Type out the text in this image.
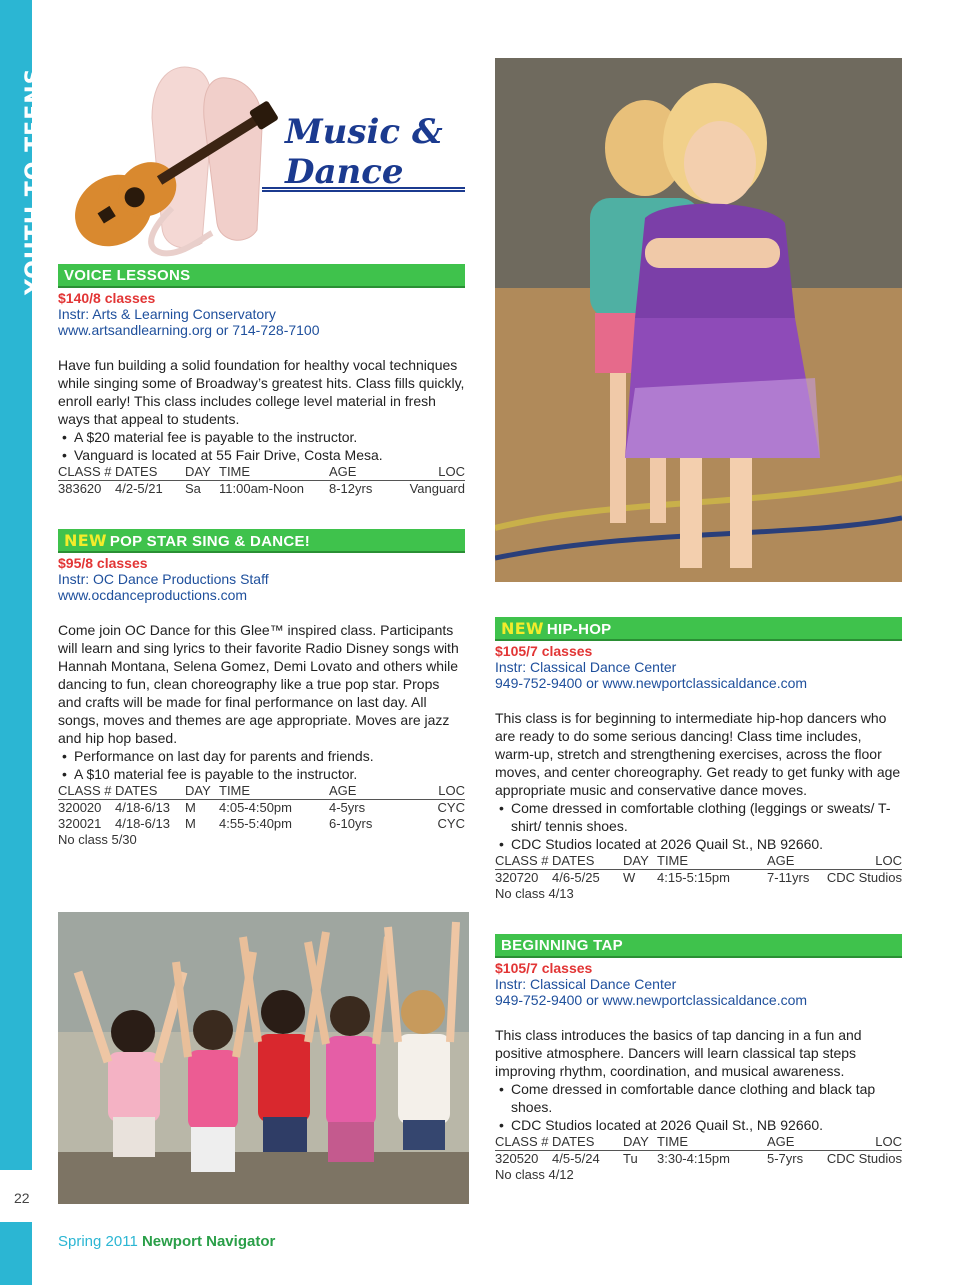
YOUTH TO TEENS
22
Music &
Dance
VOICE LESSONS
$140/8 classes
Instr: Arts & Learning Conservatory
www.artsandlearning.org or 714-728-7100
Have fun building a solid foundation for healthy vocal techniques while singing some of Broadway’s greatest hits. Class fills quickly, enroll early! This class includes college level material in fresh ways that appeal to students.
• A $20 material fee is payable to the instructor.
• Vanguard is located at 55 Fair Drive, Costa Mesa.
CLASS #	DATES	DAY	TIME	AGE	LOC
383620	4/2-5/21	Sa	11:00am-Noon	8-12yrs	Vanguard
NEW POP STAR SING & DANCE!
$95/8 classes
Instr: OC Dance Productions Staff
www.ocdanceproductions.com
Come join OC Dance for this Glee™ inspired class. Participants will learn and sing lyrics to their favorite Radio Disney songs with Hannah Montana, Selena Gomez, Demi Lovato and others while dancing to fun, clean choreography like a true pop star. Props and crafts will be made for final performance on last day. All songs, moves and themes are age appropriate. Moves are jazz and hip hop based.
• Performance on last day for parents and friends.
• A $10 material fee is payable to the instructor.
CLASS #	DATES	DAY	TIME	AGE	LOC
320020	4/18-6/13	M	4:05-4:50pm	4-5yrs	CYC
320021	4/18-6/13	M	4:55-5:40pm	6-10yrs	CYC
No class 5/30
NEW HIP-HOP
$105/7 classes
Instr: Classical Dance Center
949-752-9400 or www.newportclassicaldance.com
This class is for beginning to intermediate hip-hop dancers who are ready to do some serious dancing! Class time includes, warm-up, stretch and strengthening exercises, across the floor moves, and center choreography. Get ready to get funky with age appropriate music and conservative dance moves.
• Come dressed in comfortable clothing (leggings or sweats/ T-shirt/ tennis shoes.
• CDC Studios located at 2026 Quail St., NB 92660.
CLASS #	DATES	DAY	TIME	AGE	LOC
320720	4/6-5/25	W	4:15-5:15pm	7-11yrs	CDC Studios
No class 4/13
BEGINNING TAP
$105/7 classes
Instr: Classical Dance Center
949-752-9400 or www.newportclassicaldance.com
This class introduces the basics of tap dancing in a fun and positive atmosphere. Dancers will learn classical tap steps improving rhythm, coordination, and musical awareness.
• Come dressed in comfortable dance clothing and black tap shoes.
• CDC Studios located at 2026 Quail St., NB 92660.
CLASS #	DATES	DAY	TIME	AGE	LOC
320520	4/5-5/24	Tu	3:30-4:15pm	5-7yrs	CDC Studios
No class 4/12
Spring 2011 Newport Navigator
